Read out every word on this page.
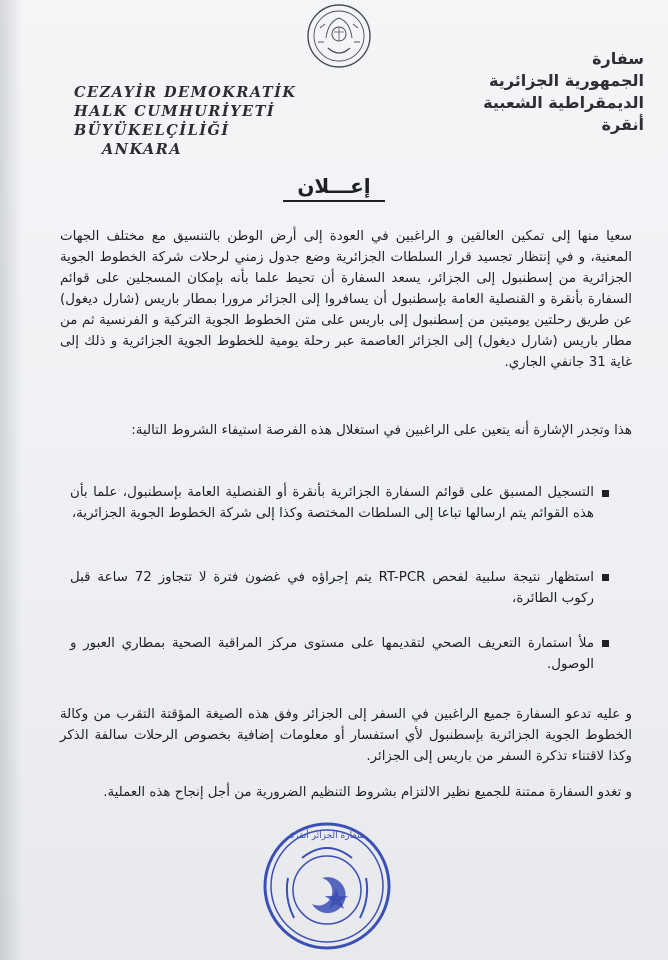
CEZAYİR DEMOKRATİK
HALK CUMHURİYETİ
BÜYÜKELÇİLİĞİ
ANKARA
سفارة
الجمهورية الجزائرية
الديمقراطية الشعبية
أنقرة
إعـــلان
سعيا منها إلى تمكين العالقين و الراغبين في العودة إلى أرض الوطن بالتنسيق مع مختلف الجهات المعنية، و في إنتظار تجسيد قرار السلطات الجزائرية وضع جدول زمني لرحلات شركة الخطوط الجوية الجزائرية من إسطنبول إلى الجزائر، يسعد السفارة أن تحيط علما بأنه بإمكان المسجلين على قوائم السفارة بأنقرة و القنصلية العامة بإسطنبول أن يسافروا إلى الجزائر مرورا بمطار باريس (شارل ديغول) عن طريق رحلتين يوميتين من إسطنبول إلى باريس على متن الخطوط الجوية التركية و الفرنسية ثم من مطار باريس (شارل ديغول) إلى الجزائر العاصمة عبر رحلة يومية للخطوط الجوية الجزائرية و ذلك إلى غاية 31 جانفي الجاري.
هذا وتجدر الإشارة أنه يتعين على الراغبين في استغلال هذه الفرصة استيفاء الشروط التالية:
التسجيل المسبق على قوائم السفارة الجزائرية بأنقرة أو القنصلية العامة بإسطنبول، علما بأن هذه القوائم يتم ارسالها تباعا إلى السلطات المختصة وكذا إلى شركة الخطوط الجوية الجزائرية،
استظهار نتيجة سلبية لفحص RT-PCR يتم إجراؤه في غضون فترة لا تتجاوز 72 ساعة قبل ركوب الطائرة،
ملأ استمارة التعريف الصحي لتقديمها على مستوى مركز المراقبة الصحية بمطاري العبور و الوصول.
و عليه تدعو السفارة جميع الراغبين في السفر إلى الجزائر وفق هذه الصيغة المؤقتة التقرب من وكالة الخطوط الجوية الجزائرية بإسطنبول لأي استفسار أو معلومات إضافية بخصوص الرحلات سالفة الذكر وكذا لاقتناء تذكرة السفر من باريس إلى الجزائر.
و تغدو السفارة ممتنة للجميع نظير الالتزام بشروط التنظيم الضرورية من أجل إنجاح هذه العملية.
سفارة الجزائر أنقرة
